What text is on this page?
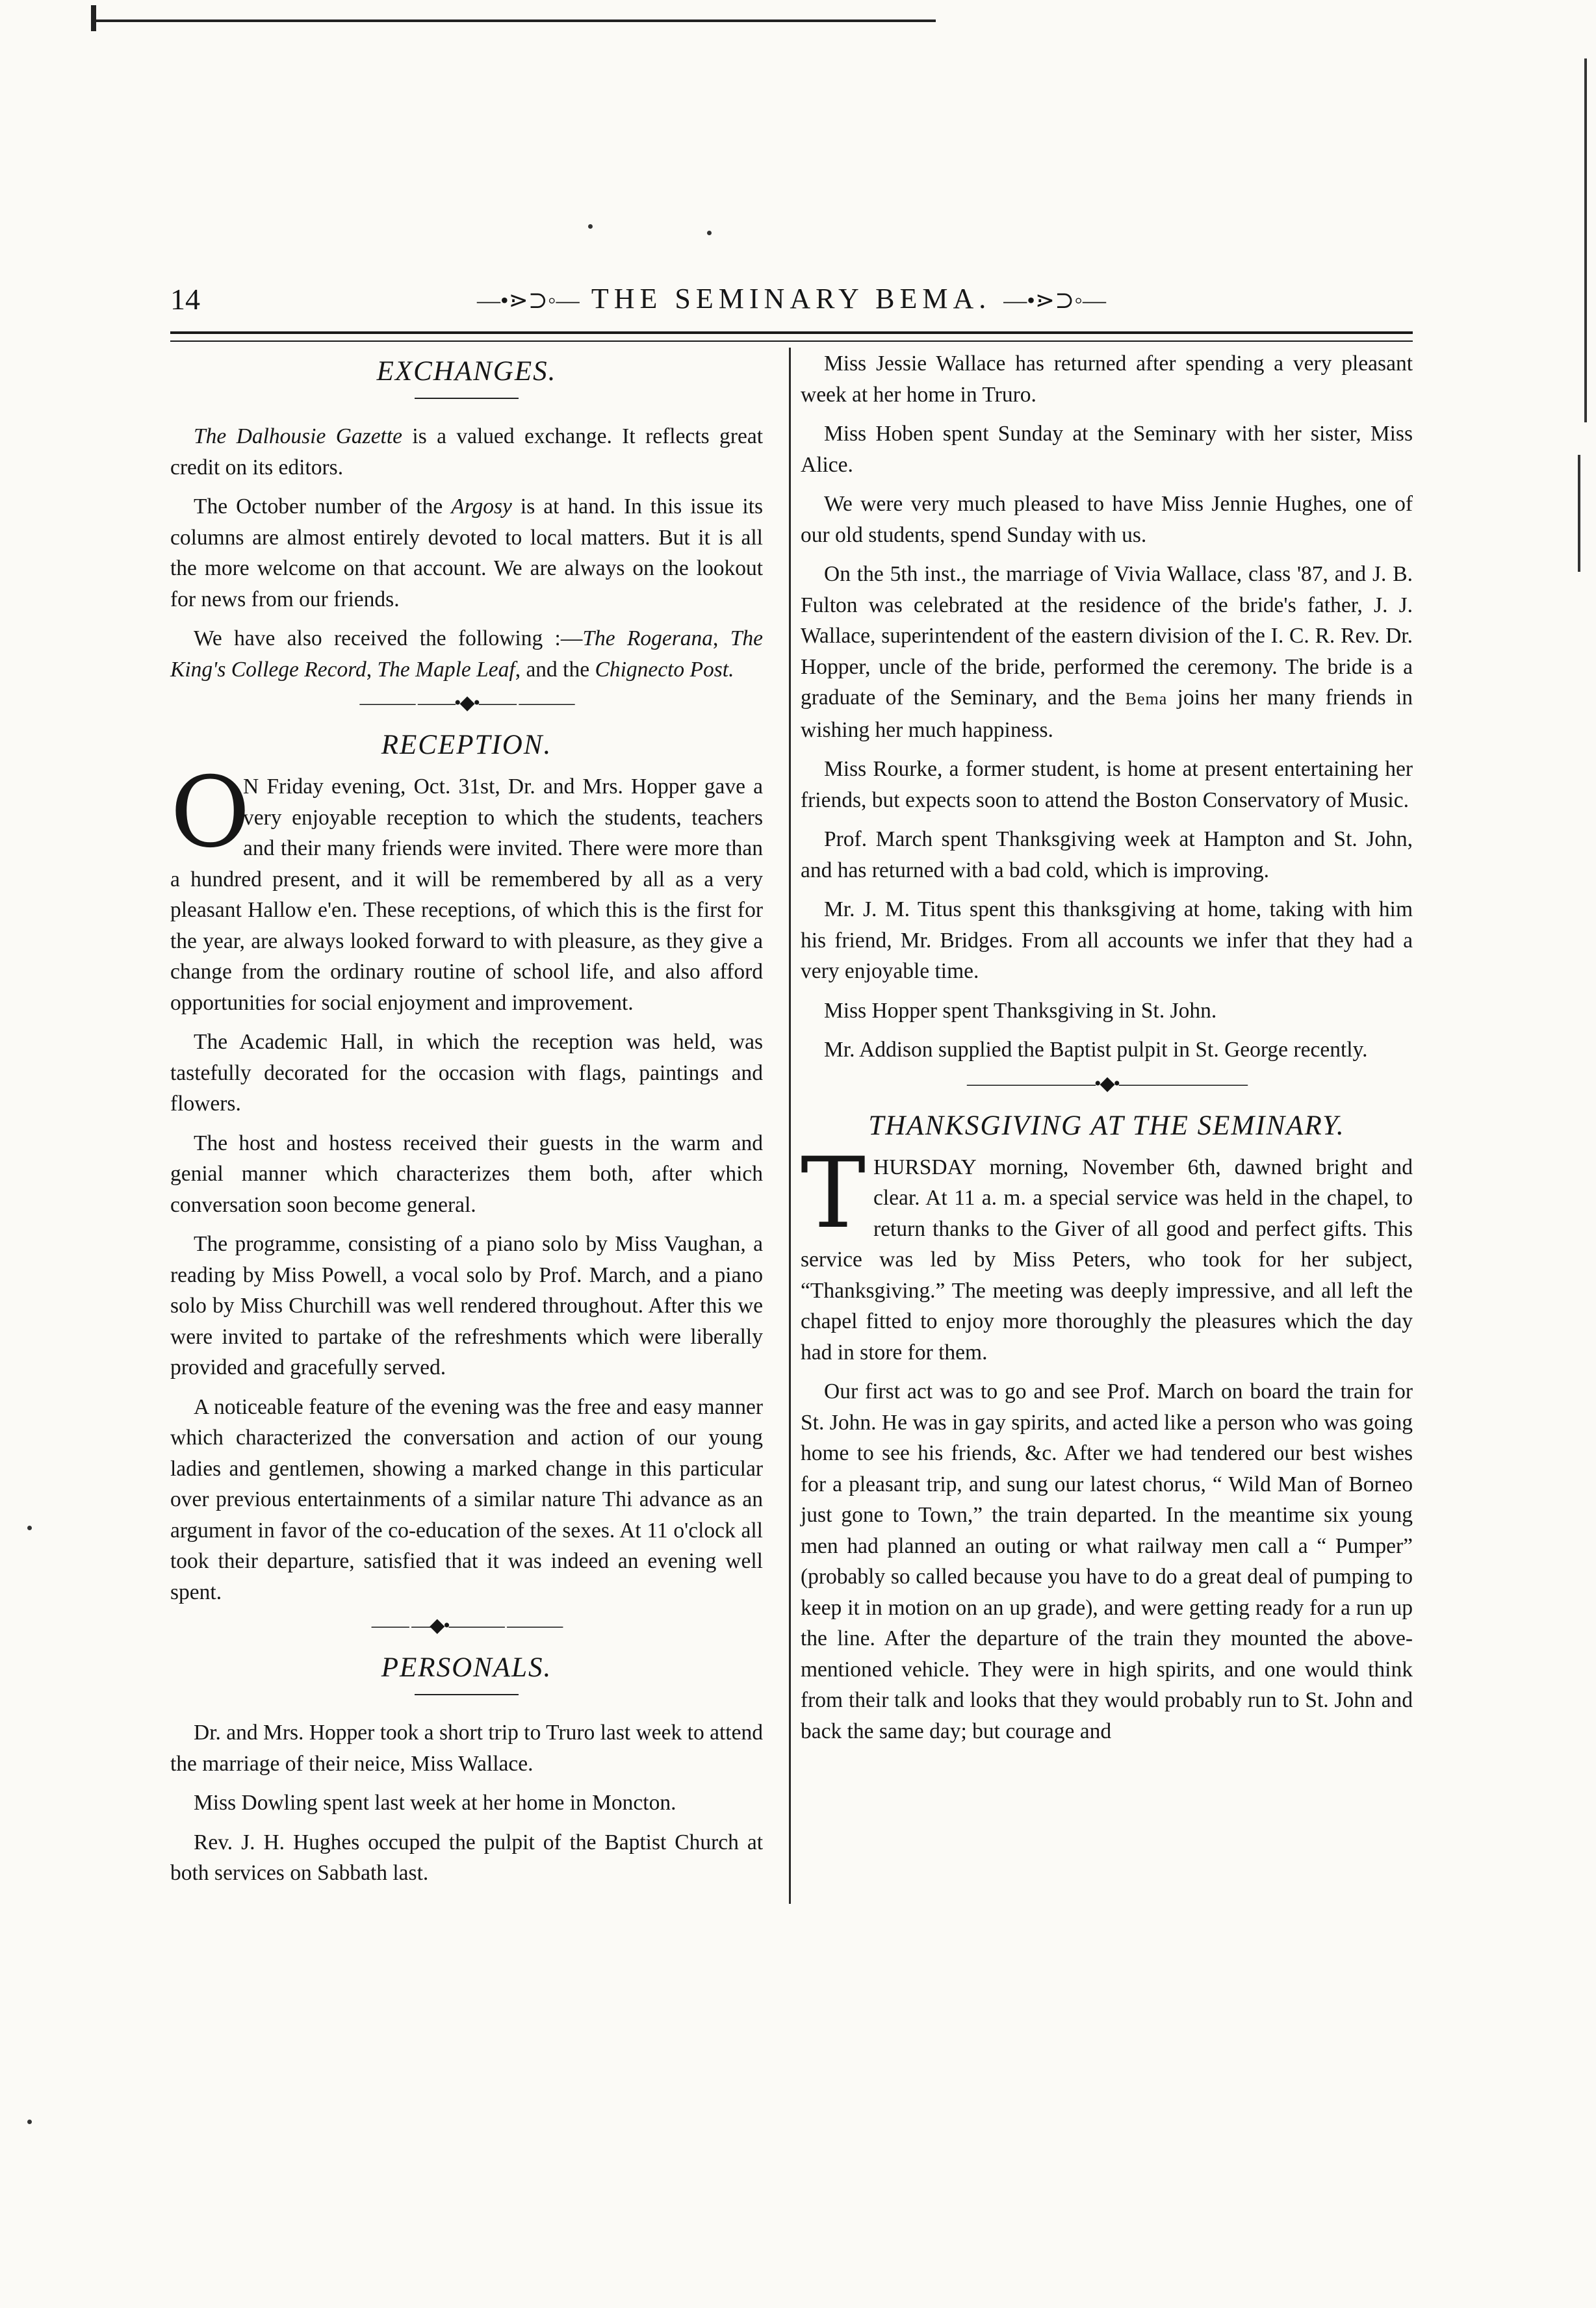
14	—•⋗⊃◦— THE SEMINARY BEMA. —•⋗⊃◦—
EXCHANGES.

The Dalhousie Gazette is a valued exchange. It reflects great credit on its editors.

The October number of the Argosy is at hand. In this issue its columns are almost entirely devoted to local matters. But it is all the more welcome on that account. We are always on the lookout for news from our friends.

We have also received the following :—The Rogerana, The King's College Record, The Maple Leaf, and the Chignecto Post.

——— ——•◆•—— ———
RECEPTION.

O
N Friday evening, Oct. 31st, Dr. and Mrs. Hopper gave a very enjoyable reception to which the students, teachers and their many friends were invited. There were more than a hundred present, and it will be remembered by all as a very pleasant Hallow e'en. These receptions, of which this is the first for the year, are always looked forward to with pleasure, as they give a change from the ordinary routine of school life, and also afford opportunities for social enjoyment and improvement.

The Academic Hall, in which the reception was held, was tastefully decorated for the occasion with flags, paintings and flowers.

The host and hostess received their guests in the warm and genial manner which characterizes them both, after which conversation soon become general.

The programme, consisting of a piano solo by Miss Vaughan, a reading by Miss Powell, a vocal solo by Prof. March, and a piano solo by Miss Churchill was well rendered throughout. After this we were invited to partake of the refreshments which were liberally provided and gracefully served.

A noticeable feature of the evening was the free and easy manner which characterized the conversation and action of our young ladies and gentlemen, showing a marked change in this particular over previous entertainments of a similar nature Thi advance as an argument in favor of the co-education of the sexes. At 11 o'clock all took their departure, satisfied that it was indeed an evening well spent.

—— —◆•——— ———
PERSONALS.

Dr. and Mrs. Hopper took a short trip to Truro last week to attend the marriage of their neice, Miss Wallace.

Miss Dowling spent last week at her home in Moncton.

Rev. J. H. Hughes occuped the pulpit of the Baptist Church at both services on Sabbath last.

Miss Jessie Wallace has returned after spending a very pleasant week at her home in Truro.

Miss Hoben spent Sunday at the Seminary with her sister, Miss Alice.

We were very much pleased to have Miss Jennie Hughes, one of our old students, spend Sunday with us.

On the 5th inst., the marriage of Vivia Wallace, class '87, and J. B. Fulton was celebrated at the residence of the bride's father, J. J. Wallace, superintendent of the eastern division of the I. C. R. Rev. Dr. Hopper, uncle of the bride, performed the ceremony. The bride is a graduate of the Seminary, and the Bema joins her many friends in wishing her much happiness.

Miss Rourke, a former student, is home at present entertaining her friends, but expects soon to attend the Boston Conservatory of Music.

Prof. March spent Thanksgiving week at Hampton and St. John, and has returned with a bad cold, which is improving.

Mr. J. M. Titus spent this thanksgiving at home, taking with him his friend, Mr. Bridges. From all accounts we infer that they had a very enjoyable time.

Miss Hopper spent Thanksgiving in St. John.

Mr. Addison supplied the Baptist pulpit in St. George recently.

———————•◆•———————
THANKSGIVING AT THE SEMINARY.

THURSDAY morning, November 6th, dawned bright and clear. At 11 a. m. a special service was held in the chapel, to return thanks to the Giver of all good and perfect gifts. This service was led by Miss Peters, who took for her subject, “Thanksgiving.” The meeting was deeply impressive, and all left the chapel fitted to enjoy more thoroughly the pleasures which the day had in store for them.

Our first act was to go and see Prof. March on board the train for St. John. He was in gay spirits, and acted like a person who was going home to see his friends, &c. After we had tendered our best wishes for a pleasant trip, and sung our latest chorus, “ Wild Man of Borneo just gone to Town,” the train departed. In the meantime six young men had planned an outing or what railway men call a “ Pumper” (probably so called because you have to do a great deal of pumping to keep it in motion on an up grade), and were getting ready for a run up the line. After the departure of the train they mounted the above-mentioned vehicle. They were in high spirits, and one would think from their talk and looks that they would probably run to St. John and back the same day; but courage and
